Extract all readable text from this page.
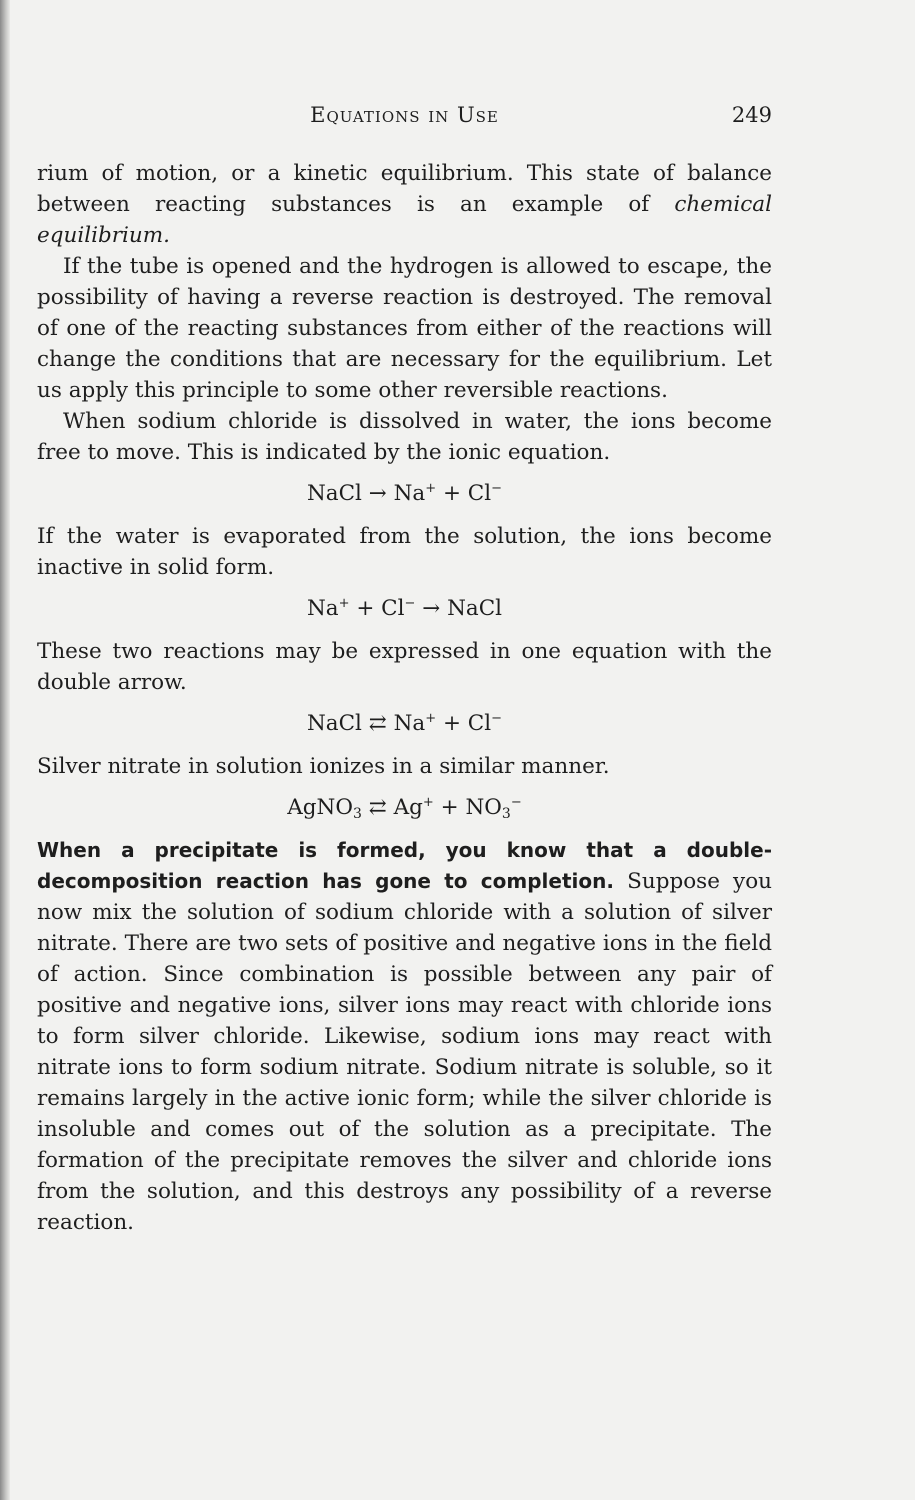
Equations in Use	249

rium of motion, or a kinetic equilibrium. This state of balance between reacting substances is an example of chemical equilibrium.

If the tube is opened and the hydrogen is allowed to escape, the possibility of having a reverse reaction is destroyed. The removal of one of the reacting substances from either of the reactions will change the conditions that are necessary for the equilibrium. Let us apply this principle to some other reversible reactions.

When sodium chloride is dissolved in water, the ions become free to move. This is indicated by the ionic equation.

NaCl → Na+ + Cl−

If the water is evaporated from the solution, the ions become inactive in solid form.

Na+ + Cl− → NaCl

These two reactions may be expressed in one equation with the double arrow.

NaCl ⇄ Na+ + Cl−

Silver nitrate in solution ionizes in a similar manner.

AgNO$_3$ ⇄ $Ag^+ + NO_3^-$

When a precipitate is formed, you know that a double-decomposition reaction has gone to completion. Suppose you now mix the solution of sodium chloride with a solution of silver nitrate. There are two sets of positive and negative ions in the field of action. Since combination is possible between any pair of positive and negative ions, silver ions may react with chloride ions to form silver chloride. Likewise, sodium ions may react with nitrate ions to form sodium nitrate. Sodium nitrate is soluble, so it remains largely in the active ionic form; while the silver chloride is insoluble and comes out of the solution as a precipitate. The formation of the precipitate removes the silver and chloride ions from the solution, and this destroys any possibility of a reverse reaction.
